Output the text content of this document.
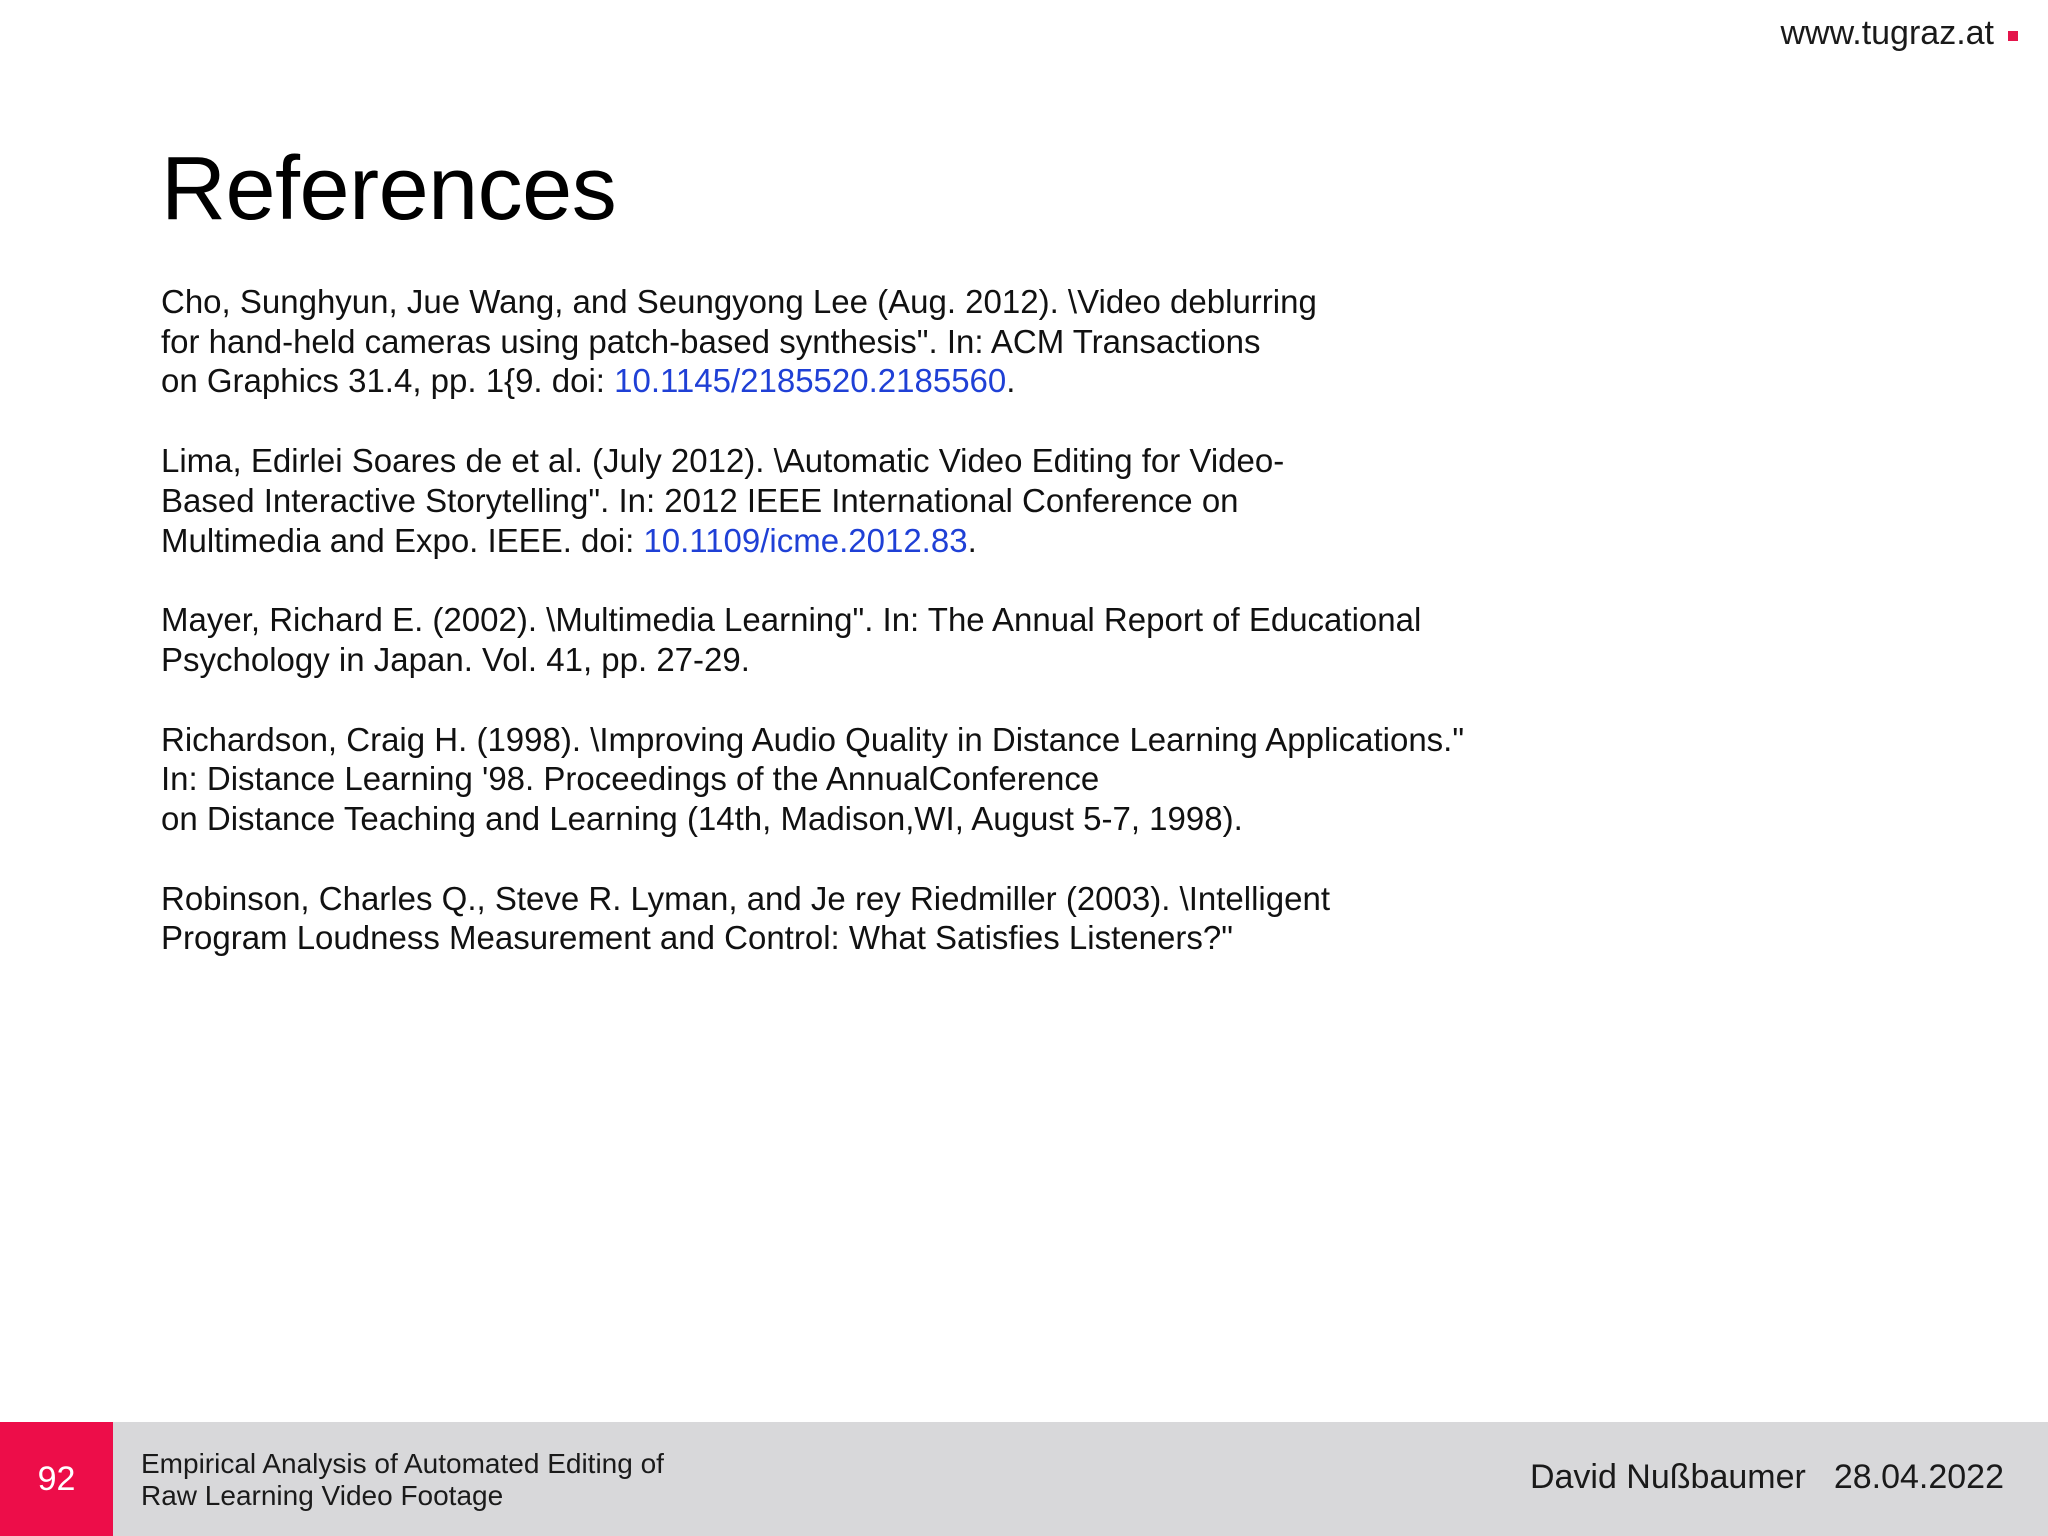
www.tugraz.at
References

Cho, Sunghyun, Jue Wang, and Seungyong Lee (Aug. 2012). \Video deblurring
for hand-held cameras using patch-based synthesis". In: ACM Transactions
on Graphics 31.4, pp. 1{9. doi: 10.1145/2185520.2185560.

Lima, Edirlei Soares de et al. (July 2012). \Automatic Video Editing for Video-
Based Interactive Storytelling". In: 2012 IEEE International Conference on
Multimedia and Expo. IEEE. doi: 10.1109/icme.2012.83.

Mayer, Richard E. (2002). \Multimedia Learning". In: The Annual Report of Educational
Psychology in Japan. Vol. 41, pp. 27-29.

Richardson, Craig H. (1998). \Improving Audio Quality in Distance Learning Applications."
In: Distance Learning '98. Proceedings of the AnnualConference
on Distance Teaching and Learning (14th, Madison,WI, August 5-7, 1998).

Robinson, Charles Q., Steve R. Lyman, and Je rey Riedmiller (2003). \Intelligent
Program Loudness Measurement and Control: What Satisfies Listeners?"

92	Empirical Analysis of Automated Editing of
Raw Learning Video Footage	David Nußbaumer 28.04.2022
